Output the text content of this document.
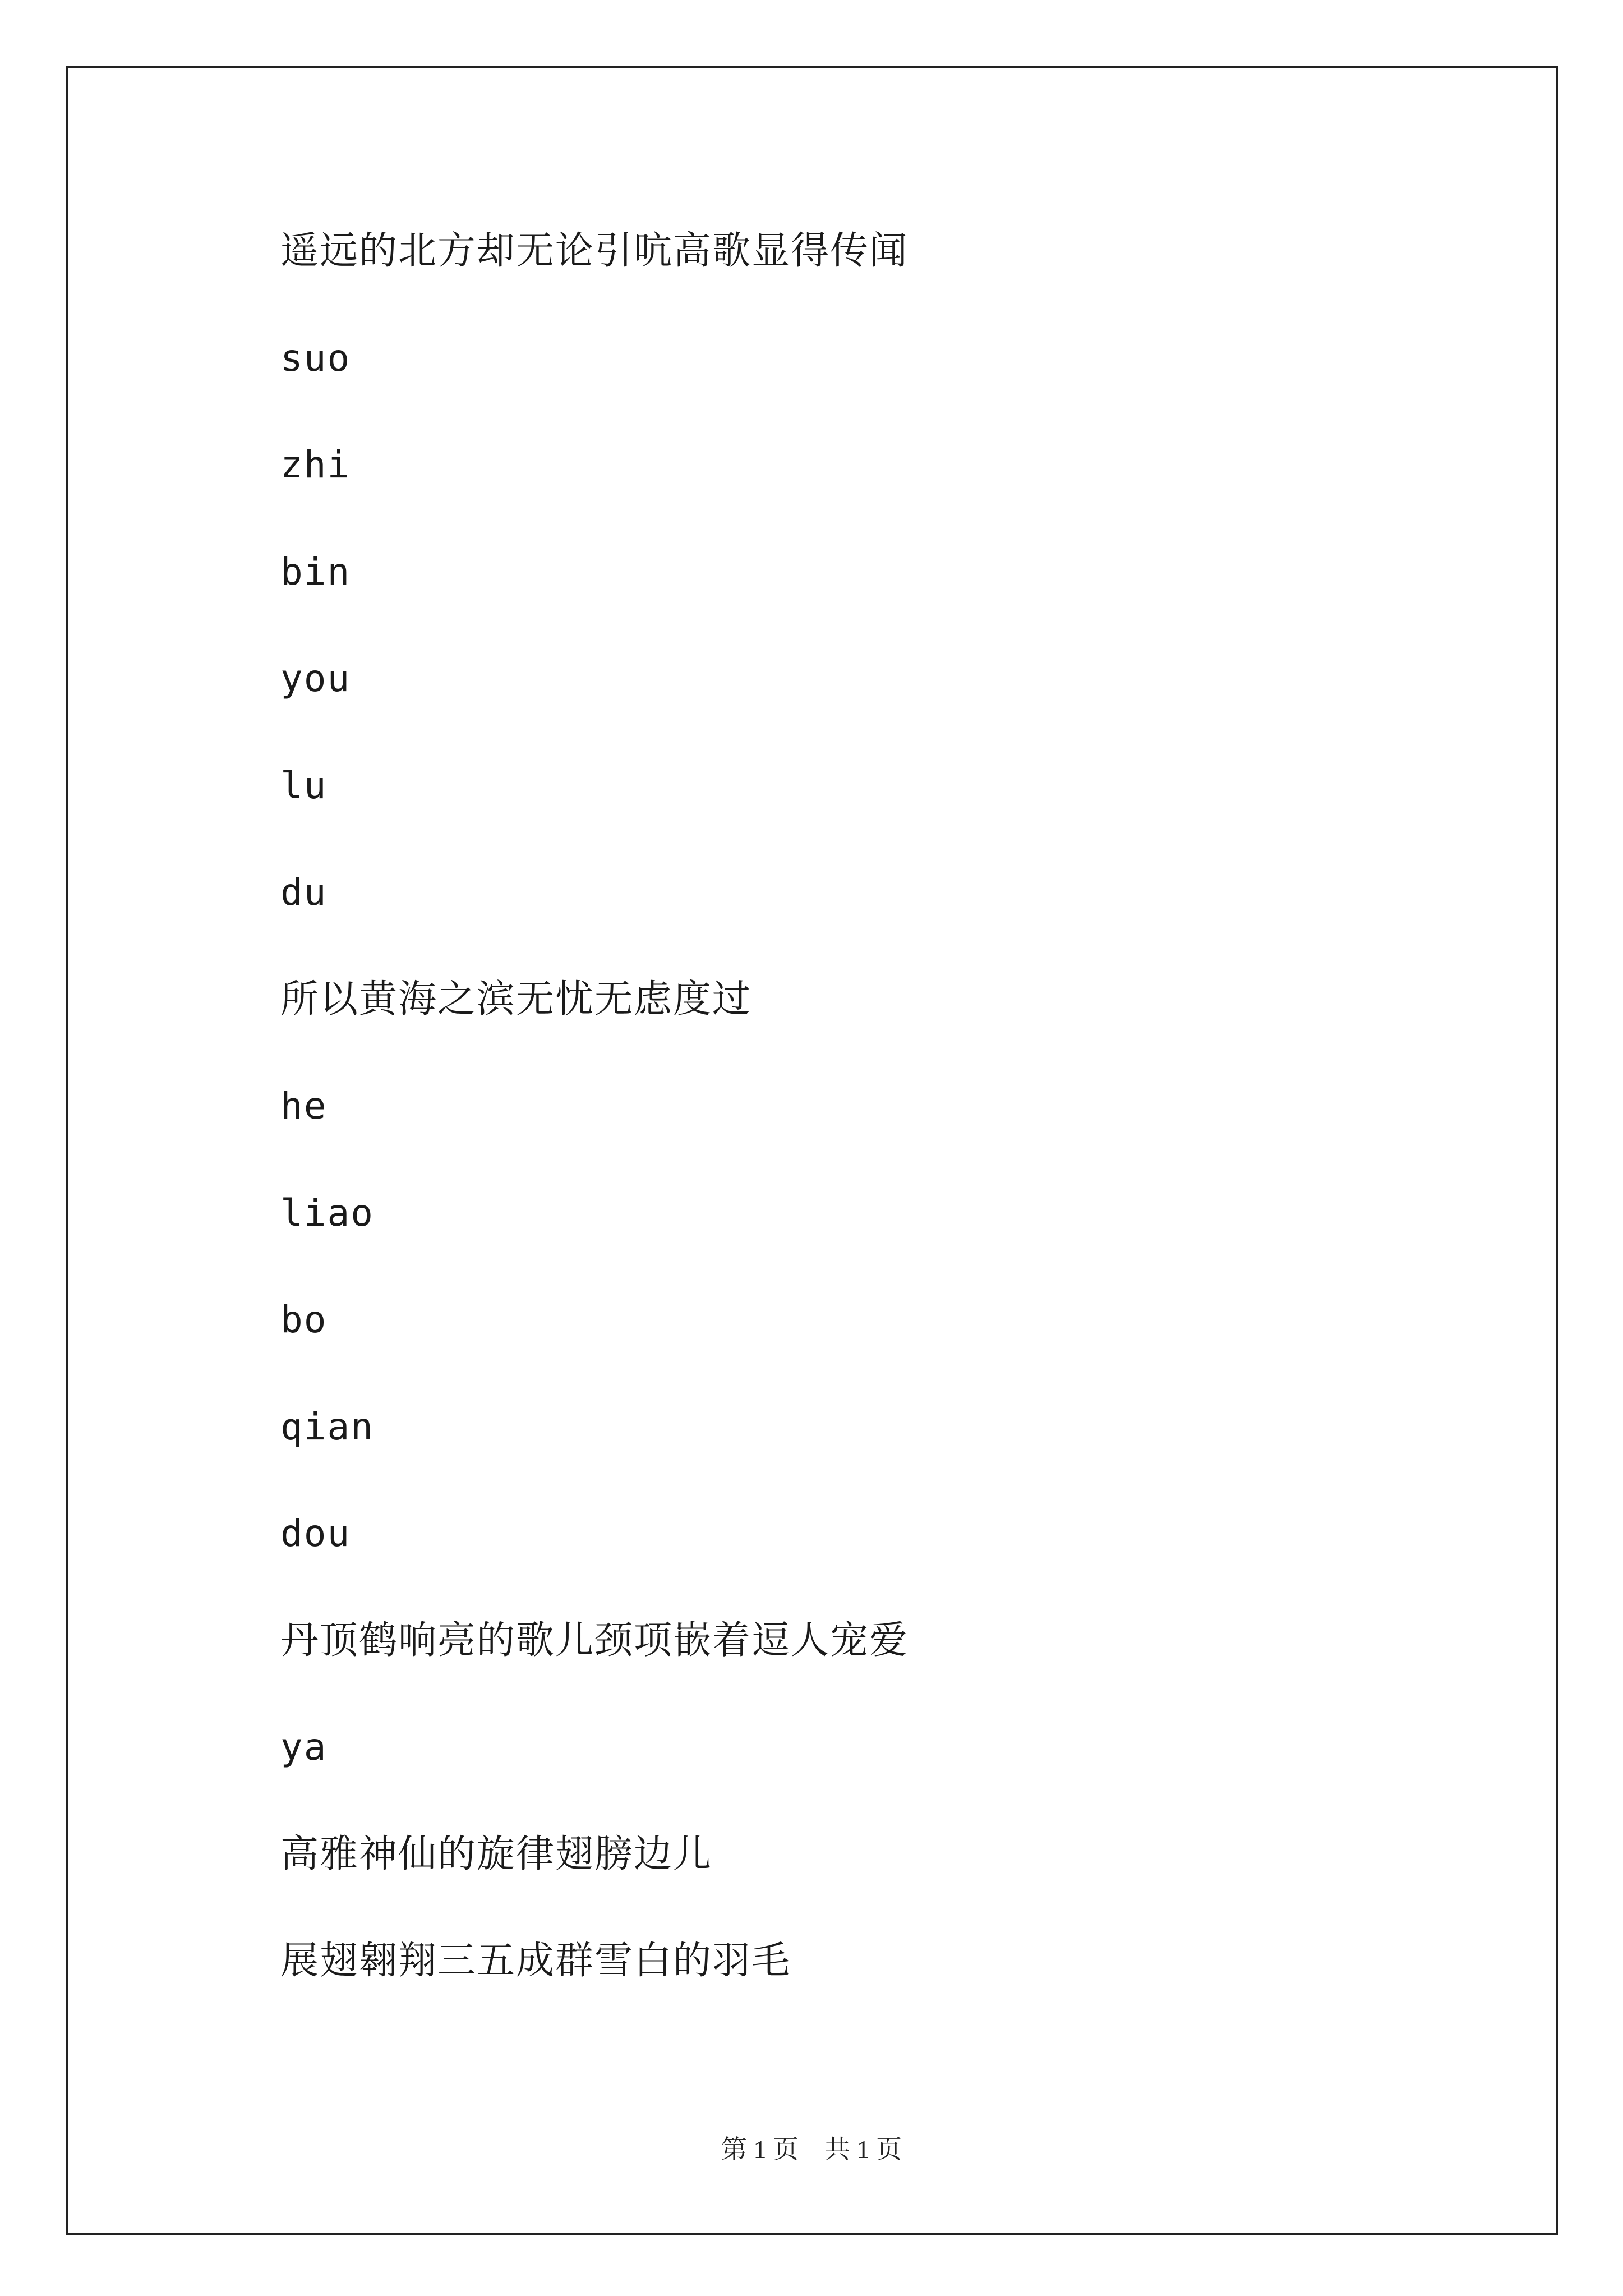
遥远的北方却无论引吭高歌显得传闻
suo
zhi
bin
you
lu
du
所以黄海之滨无忧无虑度过
he
liao
bo
qian
dou
丹顶鹤响亮的歌儿颈项嵌着逗人宠爱
ya
高雅神仙的旋律翅膀边儿
展翅翱翔三五成群雪白的羽毛
第 1 页    共 1 页
